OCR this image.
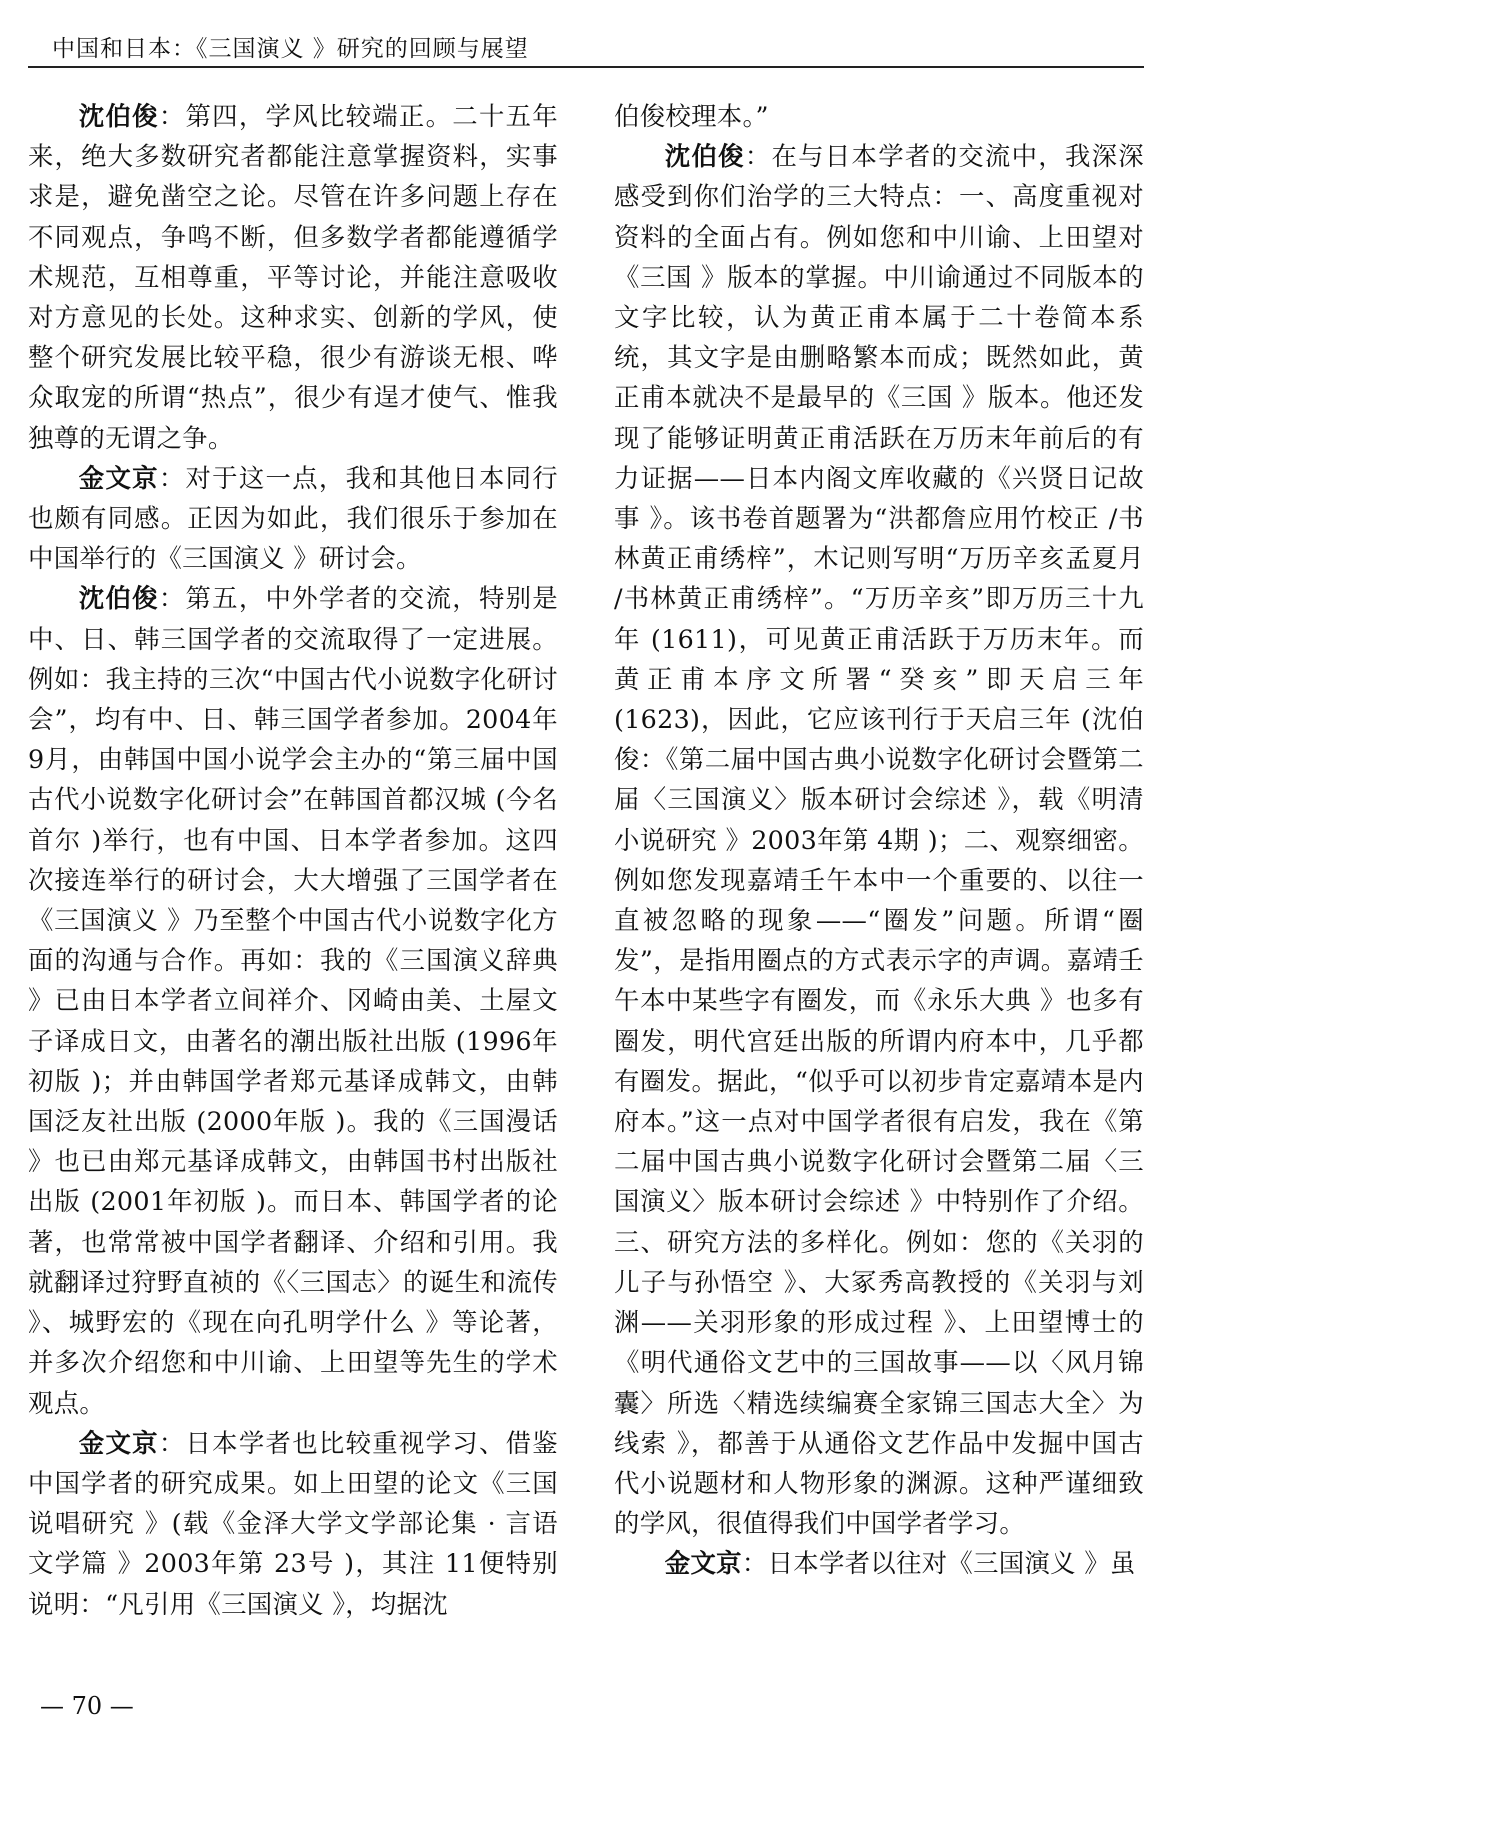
中国和日本：《三国演义 》研究的回顾与展望

沈伯俊：第四，学风比较端正。二十五年来，绝大多数研究者都能注意掌握资料，实事求是，避免凿空之论。尽管在许多问题上存在不同观点，争鸣不断，但多数学者都能遵循学术规范，互相尊重，平等讨论，并能注意吸收对方意见的长处。这种求实、创新的学风，使整个研究发展比较平稳，很少有游谈无根、哗众取宠的所谓“热点”，很少有逞才使气、惟我独尊的无谓之争。

金文京：对于这一点，我和其他日本同行也颇有同感。正因为如此，我们很乐于参加在中国举行的《三国演义 》研讨会。

沈伯俊：第五，中外学者的交流，特别是中、日、韩三国学者的交流取得了一定进展。例如：我主持的三次“中国古代小说数字化研讨会”，均有中、日、韩三国学者参加。2004年 9月，由韩国中国小说学会主办的“第三届中国古代小说数字化研讨会”在韩国首都汉城 (今名首尔 )举行，也有中国、日本学者参加。这四次接连举行的研讨会，大大增强了三国学者在《三国演义 》乃至整个中国古代小说数字化方面的沟通与合作。再如：我的《三国演义辞典 》已由日本学者立间祥介、冈崎由美、土屋文子译成日文，由著名的潮出版社出版 (1996年初版 )；并由韩国学者郑元基译成韩文，由韩国泛友社出版 (2000年版 )。我的《三国漫话 》也已由郑元基译成韩文，由韩国书村出版社出版 (2001年初版 )。而日本、韩国学者的论著，也常常被中国学者翻译、介绍和引用。我就翻译过狩野直祯的《〈三国志〉的诞生和流传 》、城野宏的《现在向孔明学什么 》等论著，并多次介绍您和中川谕、上田望等先生的学术观点。

金文京：日本学者也比较重视学习、借鉴中国学者的研究成果。如上田望的论文《三国说唱研究 》(载《金泽大学文学部论集 · 言语文学篇 》2003年第 23号 )，其注 11便特别说明：“凡引用《三国演义 》，均据沈

伯俊校理本。”

沈伯俊：在与日本学者的交流中，我深深感受到你们治学的三大特点：一、高度重视对资料的全面占有。例如您和中川谕、上田望对《三国 》版本的掌握。中川谕通过不同版本的文字比较，认为黄正甫本属于二十卷简本系统，其文字是由删略繁本而成；既然如此，黄正甫本就决不是最早的《三国 》版本。他还发现了能够证明黄正甫活跃在万历末年前后的有力证据——日本内阁文库收藏的《兴贤日记故事 》。该书卷首题署为“洪都詹应用竹校正 /书林黄正甫绣梓”，木记则写明“万历辛亥孟夏月 /书林黄正甫绣梓”。“万历辛亥”即万历三十九年 (1611)，可见黄正甫活跃于万历末年。而黄正甫本序文所署“癸亥”即天启三年 (1623)，因此，它应该刊行于天启三年 (沈伯俊：《第二届中国古典小说数字化研讨会暨第二届〈三国演义〉版本研讨会综述 》，载《明清小说研究 》2003年第 4期 )；二、观察细密。例如您发现嘉靖壬午本中一个重要的、以往一直被忽略的现象——“圈发”问题。所谓“圈发”，是指用圈点的方式表示字的声调。嘉靖壬午本中某些字有圈发，而《永乐大典 》也多有圈发，明代宫廷出版的所谓内府本中，几乎都有圈发。据此，“似乎可以初步肯定嘉靖本是内府本。”这一点对中国学者很有启发，我在《第二届中国古典小说数字化研讨会暨第二届〈三国演义〉版本研讨会综述 》中特别作了介绍。三、研究方法的多样化。例如：您的《关羽的儿子与孙悟空 》、大冢秀高教授的《关羽与刘渊——关羽形象的形成过程 》、上田望博士的《明代通俗文艺中的三国故事——以〈风月锦囊〉所选〈精选续编赛全家锦三国志大全〉为线索 》，都善于从通俗文艺作品中发掘中国古代小说题材和人物形象的渊源。这种严谨细致的学风，很值得我们中国学者学习。

金文京：日本学者以往对《三国演义 》虽

— 70 —
